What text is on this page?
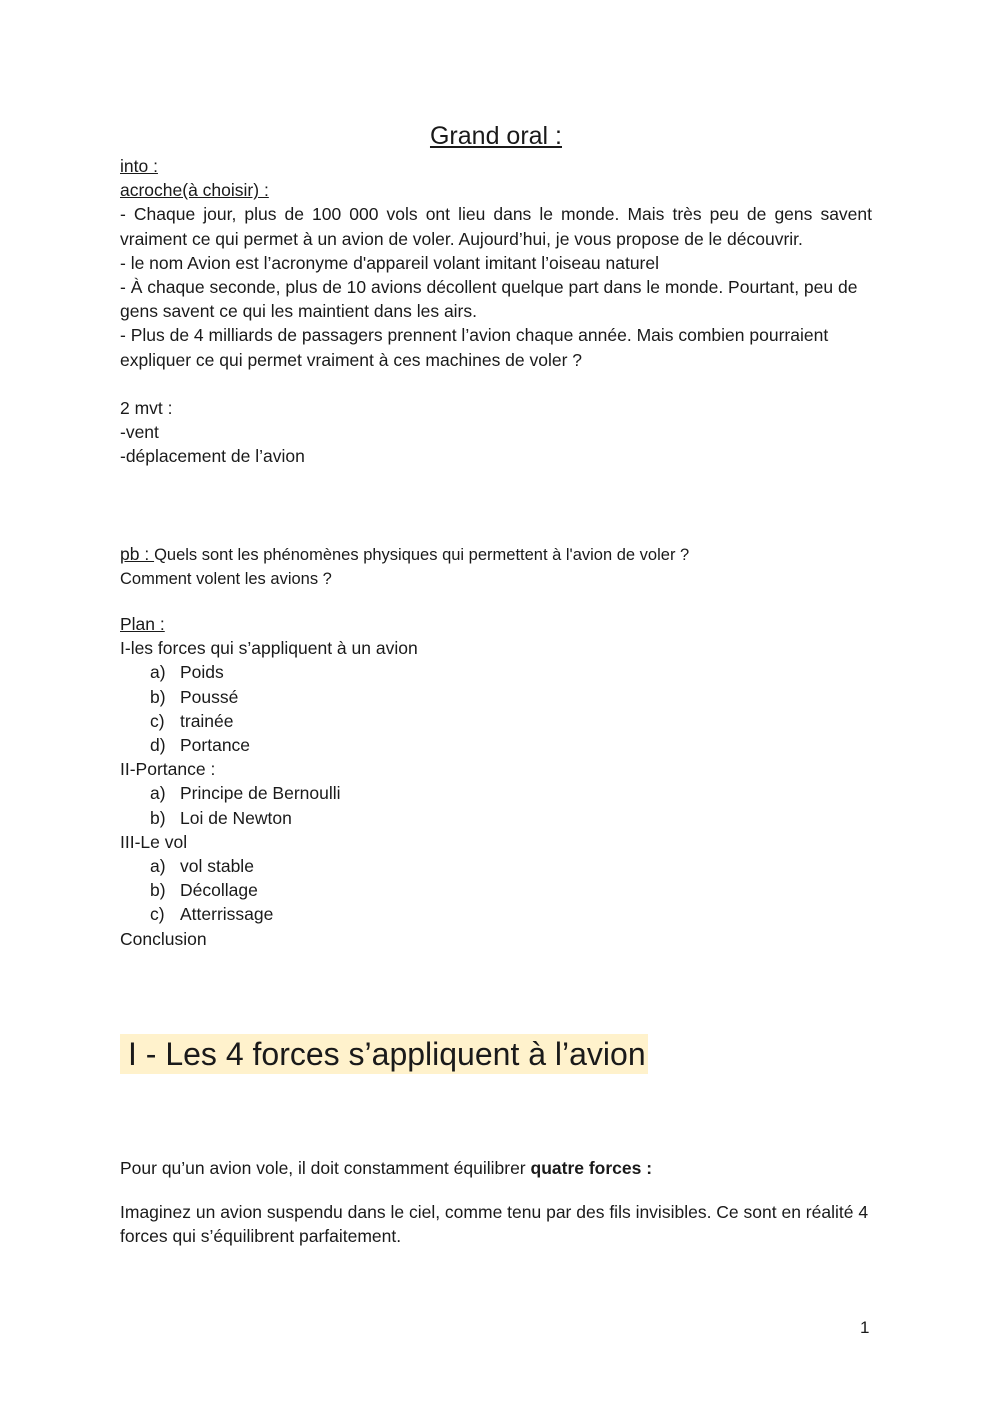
Grand oral :

into :

acroche(à choisir) :

- Chaque jour, plus de 100 000 vols ont lieu dans le monde. Mais très peu de gens savent vraiment ce qui permet à un avion de voler. Aujourd’hui, je vous propose de le découvrir.

- le nom Avion est l’acronyme d'appareil volant imitant l’oiseau naturel

- À chaque seconde, plus de 10 avions décollent quelque part dans le monde. Pourtant, peu de gens savent ce qui les maintient dans les airs.

- Plus de 4 milliards de passagers prennent l’avion chaque année. Mais combien pourraient expliquer ce qui permet vraiment à ces machines de voler ?

2 mvt :

-vent

-déplacement de l’avion

pb : Quels sont les phénomènes physiques qui permettent à l'avion de voler ?

Comment volent les avions ?

Plan :

I-les forces qui s’appliquent à un avion

a) Poids
b) Poussé
c) trainée
d) Portance

II-Portance :

a) Principe de Bernoulli
b) Loi de Newton

III-Le vol

a) vol stable
b) Décollage
c) Atterrissage

Conclusion

I - Les 4 forces s’appliquent à l’avion

Pour qu’un avion vole, il doit constamment équilibrer quatre forces :

Imaginez un avion suspendu dans le ciel, comme tenu par des fils invisibles. Ce sont en réalité 4 forces qui s’équilibrent parfaitement.

1
